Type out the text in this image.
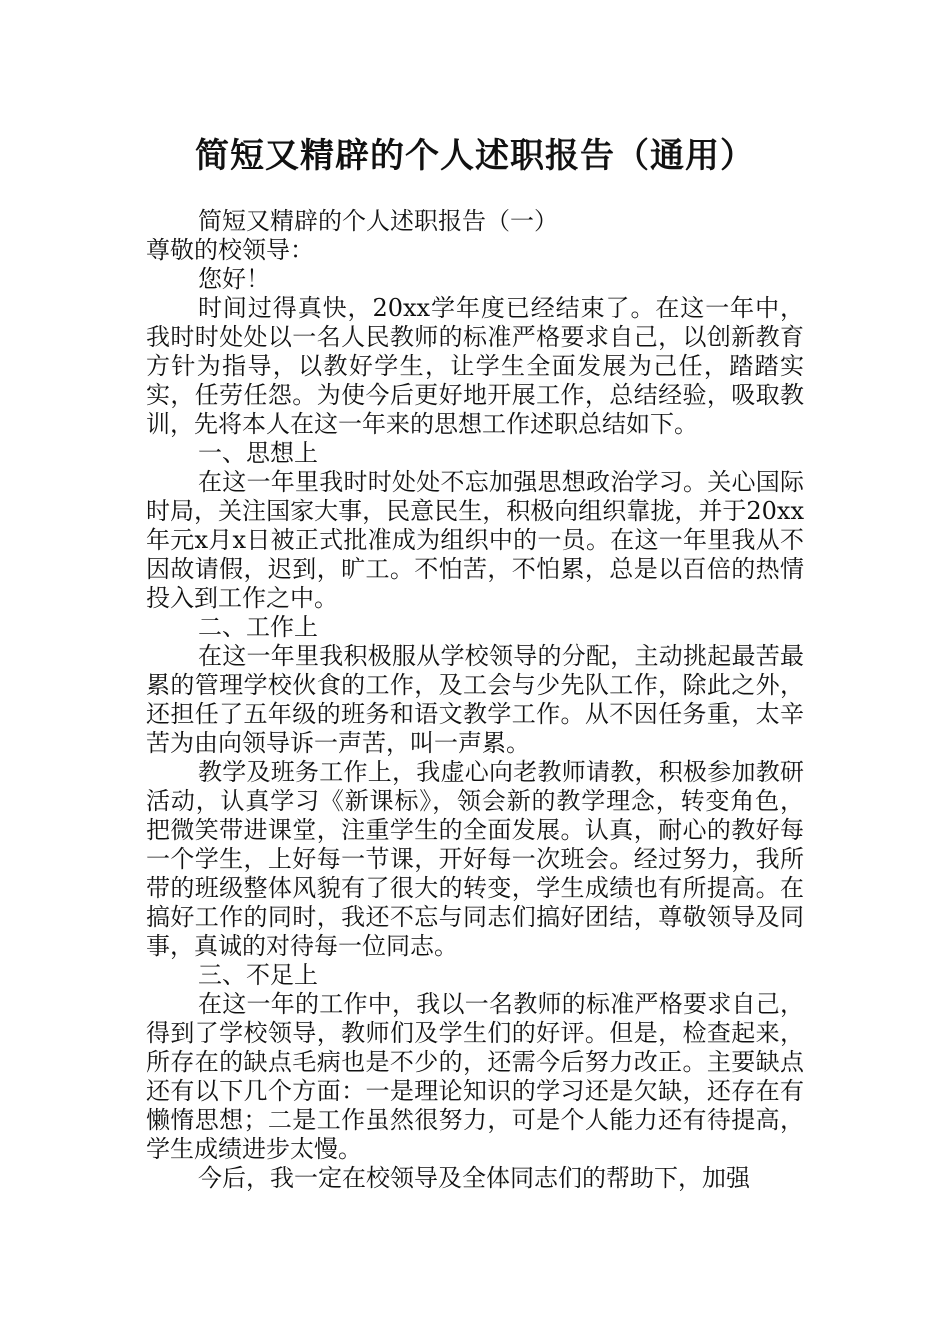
简短又精辟的个人述职报告（通用）

简短又精辟的个人述职报告（一）

尊敬的校领导：

您好！

时间过得真快，20xx学年度已经结束了。在这一年中，我时时处处以一名人民教师的标准严格要求自己，以创新教育方针为指导，以教好学生，让学生全面发展为己任，踏踏实实，任劳任怨。为使今后更好地开展工作，总结经验，吸取教训，先将本人在这一年来的思想工作述职总结如下。

一、思想上

在这一年里我时时处处不忘加强思想政治学习。关心国际时局，关注国家大事，民意民生，积极向组织靠拢，并于20xx年元x月x日被正式批准成为组织中的一员。在这一年里我从不因故请假，迟到，旷工。不怕苦，不怕累，总是以百倍的热情投入到工作之中。

二、工作上

在这一年里我积极服从学校领导的分配，主动挑起最苦最累的管理学校伙食的工作，及工会与少先队工作，除此之外，还担任了五年级的班务和语文教学工作。从不因任务重，太辛苦为由向领导诉一声苦，叫一声累。

教学及班务工作上，我虚心向老教师请教，积极参加教研活动，认真学习《新课标》，领会新的教学理念，转变角色，把微笑带进课堂，注重学生的全面发展。认真，耐心的教好每一个学生，上好每一节课，开好每一次班会。经过努力，我所带的班级整体风貌有了很大的转变，学生成绩也有所提高。在搞好工作的同时，我还不忘与同志们搞好团结，尊敬领导及同事，真诚的对待每一位同志。

三、不足上

在这一年的工作中，我以一名教师的标准严格要求自己，得到了学校领导，教师们及学生们的好评。但是，检查起来，所存在的缺点毛病也是不少的，还需今后努力改正。主要缺点还有以下几个方面：一是理论知识的学习还是欠缺，还存在有懒惰思想；二是工作虽然很努力，可是个人能力还有待提高，学生成绩进步太慢。

今后，我一定在校领导及全体同志们的帮助下，加强
